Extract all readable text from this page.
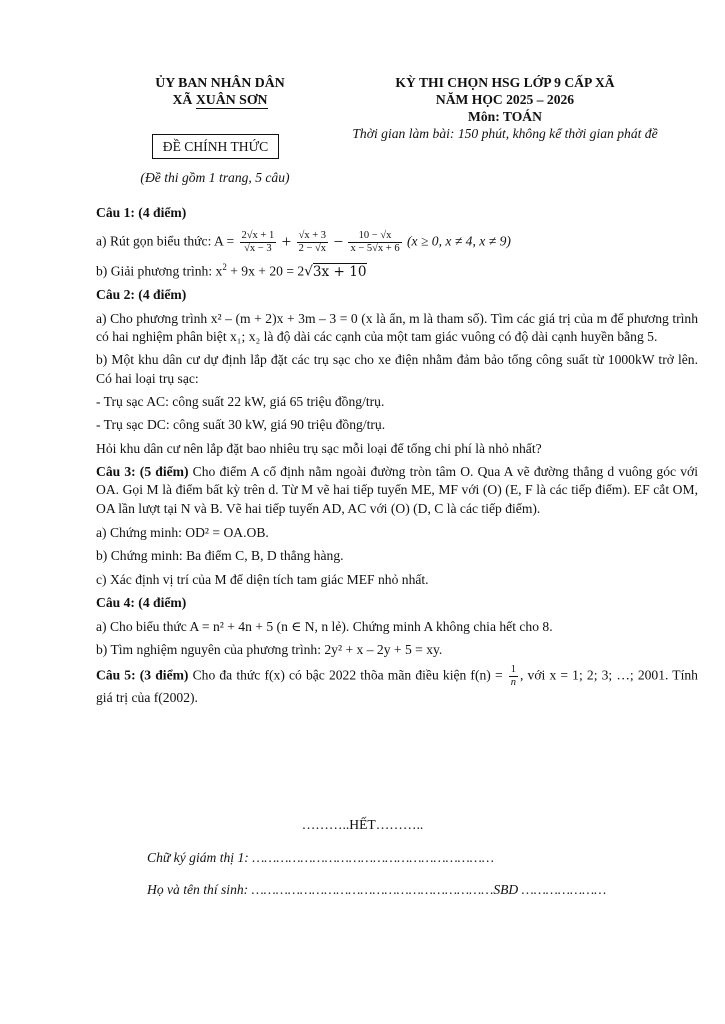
ỦY BAN NHÂN DÂN
XÃ XUÂN SƠN
KỲ THI CHỌN HSG LỚP 9 CẤP XÃ
NĂM HỌC 2025 – 2026
Môn: TOÁN
Thời gian làm bài: 150 phút, không kể thời gian phát đề
ĐỀ CHÍNH THỨC
(Đề thi gồm 1 trang, 5 câu)

Câu 1: (4 điểm)

a) Rút gọn biểu thức: $A = \frac{2√x + 1}{√x - 3} + \frac{√x + 3}{2 - √x} - \frac{10 - √x}{x - 5√x + 6} (x \ge 0$, x ≠ 4, x ≠ 9)

b) Giải phương trình: $x^2 + 9x + 20 = 2√3x + 10$

Câu 2: (4 điểm)

a) Cho phương trình x² – (m + 2)x + 3m – 3 = 0 (x là ẩn, m là tham số). Tìm các giá trị của m để phương trình có hai nghiệm phân biệt x₁; x₂ là độ dài các cạnh của một tam giác vuông có độ dài cạnh huyền bằng 5.

b) Một khu dân cư dự định lắp đặt các trụ sạc cho xe điện nhằm đảm bảo tổng công suất từ 1000kW trở lên. Có hai loại trụ sạc:

- Trụ sạc AC: công suất 22 kW, giá 65 triệu đồng/trụ.

- Trụ sạc DC: công suất 30 kW, giá 90 triệu đồng/trụ.

Hỏi khu dân cư nên lắp đặt bao nhiêu trụ sạc mỗi loại để tổng chi phí là nhỏ nhất?

Câu 3: (5 điểm) Cho điểm A cố định nằm ngoài đường tròn tâm O. Qua A vẽ đường thẳng d vuông góc với OA. Gọi M là điểm bất kỳ trên d. Từ M vẽ hai tiếp tuyến ME, MF với (O) (E, F là các tiếp điểm). EF cắt OM, OA lần lượt tại N và B. Vẽ hai tiếp tuyến AD, AC với (O) (D, C là các tiếp điểm).

a) Chứng minh: OD² = OA.OB.

b) Chứng minh: Ba điểm C, B, D thẳng hàng.

c) Xác định vị trí của M để diện tích tam giác MEF nhỏ nhất.

Câu 4: (4 điểm)

a) Cho biểu thức A = n² + 4n + 5 (n ∈ N, n lẻ). Chứng minh A không chia hết cho 8.

b) Tìm nghiệm nguyên của phương trình: 2y² + x – 2y + 5 = xy.

Câu 5: (3 điểm) Cho đa thức f(x) có bậc 2022 thõa mãn điều kiện $f(n) = \frac{1}{n}$ , với x = 1; 2; 3; …; 2001. Tính giá trị của f(2002).

………..HẾT………..
Chữ ký giám thị 1: ……………………………………………………
Họ và tên thí sinh: ……………………………………………………SBD …………………
